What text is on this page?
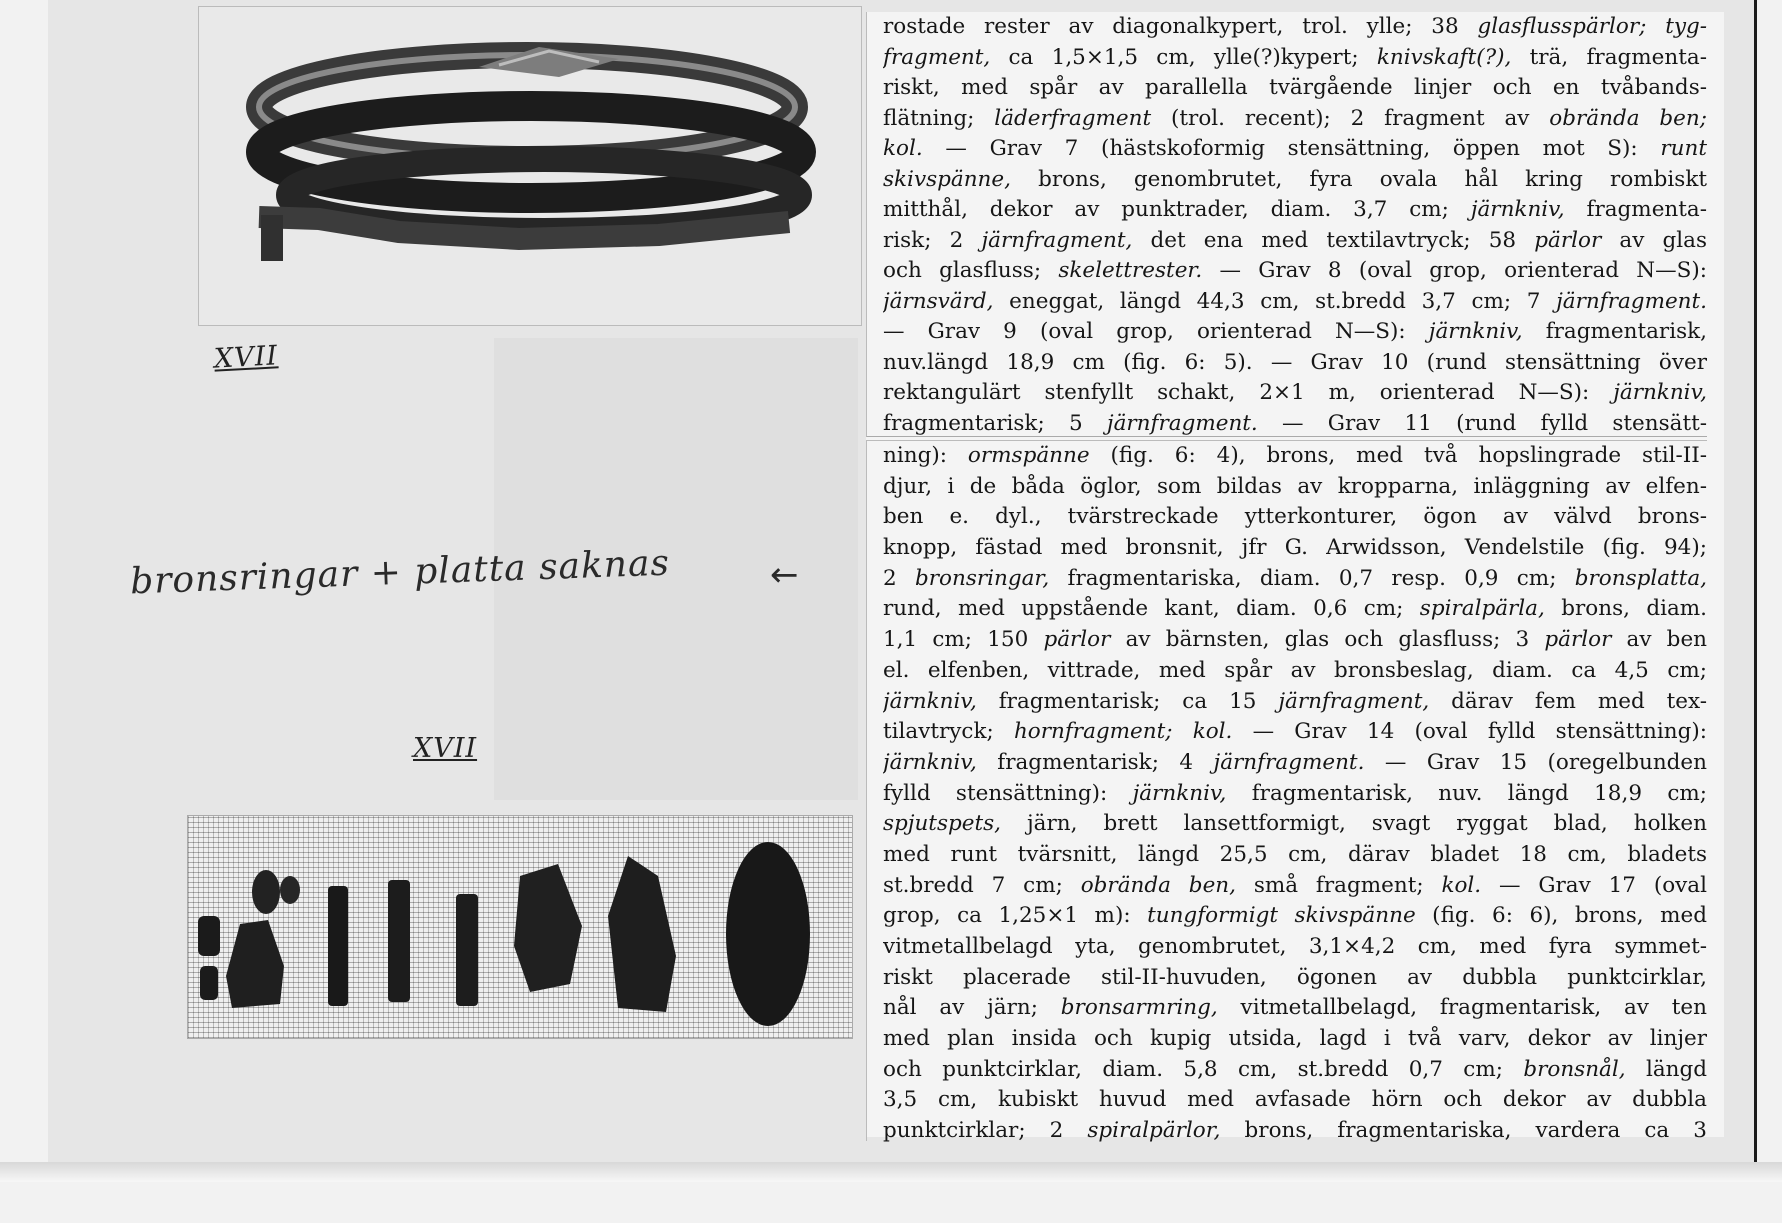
XVII
XVII
bronsringar + platta saknas	←
rostade rester av diagonalkypert, trol. ylle; 38 glasflusspärlor; tyg-
fragment, ca 1,5×1,5 cm, ylle(?)kypert; knivskaft(?), trä, fragmenta-
riskt, med spår av parallella tvärgående linjer och en tvåbands-
flätning; läderfragment (trol. recent); 2 fragment av obrända ben;
kol. — Grav 7 (hästskoformig stensättning, öppen mot S): runt
skivspänne, brons, genombrutet, fyra ovala hål kring rombiskt
mitthål, dekor av punktrader, diam. 3,7 cm; järnkniv, fragmenta-
risk; 2 järnfragment, det ena med textilavtryck; 58 pärlor av glas
och glasfluss; skelettrester. — Grav 8 (oval grop, orienterad N—S):
järnsvärd, eneggat, längd 44,3 cm, st.bredd 3,7 cm; 7 järnfragment.
— Grav 9 (oval grop, orienterad N—S): järnkniv, fragmentarisk,
nuv.längd 18,9 cm (fig. 6: 5). — Grav 10 (rund stensättning över
rektangulärt stenfyllt schakt, 2×1 m, orienterad N—S): järnkniv,
fragmentarisk; 5 järnfragment. — Grav 11 (rund fylld stensätt-
ning): ormspänne (fig. 6: 4), brons, med två hopslingrade stil-II-
djur, i de båda öglor, som bildas av kropparna, inläggning av elfen-
ben e. dyl., tvärstreckade ytterkonturer, ögon av välvd brons-
knopp, fästad med bronsnit, jfr G. Arwidsson, Vendelstile (fig. 94);
2 bronsringar, fragmentariska, diam. 0,7 resp. 0,9 cm; bronsplatta,
rund, med uppstående kant, diam. 0,6 cm; spiralpärla, brons, diam.
1,1 cm; 150 pärlor av bärnsten, glas och glasfluss; 3 pärlor av ben
el. elfenben, vittrade, med spår av bronsbeslag, diam. ca 4,5 cm;
järnkniv, fragmentarisk; ca 15 järnfragment, därav fem med tex-
tilavtryck; hornfragment; kol. — Grav 14 (oval fylld stensättning):
järnkniv, fragmentarisk; 4 järnfragment. — Grav 15 (oregelbunden
fylld stensättning): järnkniv, fragmentarisk, nuv. längd 18,9 cm;
spjutspets, järn, brett lansettformigt, svagt ryggat blad, holken
med runt tvärsnitt, längd 25,5 cm, därav bladet 18 cm, bladets
st.bredd 7 cm; obrända ben, små fragment; kol. — Grav 17 (oval
grop, ca 1,25×1 m): tungformigt skivspänne (fig. 6: 6), brons, med
vitmetallbelagd yta, genombrutet, 3,1×4,2 cm, med fyra symmet-
riskt placerade stil-II-huvuden, ögonen av dubbla punktcirklar,
nål av järn; bronsarmring, vitmetallbelagd, fragmentarisk, av ten
med plan insida och kupig utsida, lagd i två varv, dekor av linjer
och punktcirklar, diam. 5,8 cm, st.bredd 0,7 cm; bronsnål, längd
3,5 cm, kubiskt huvud med avfasade hörn och dekor av dubbla
punktcirklar; 2 spiralpärlor, brons, fragmentariska, vardera ca 3
